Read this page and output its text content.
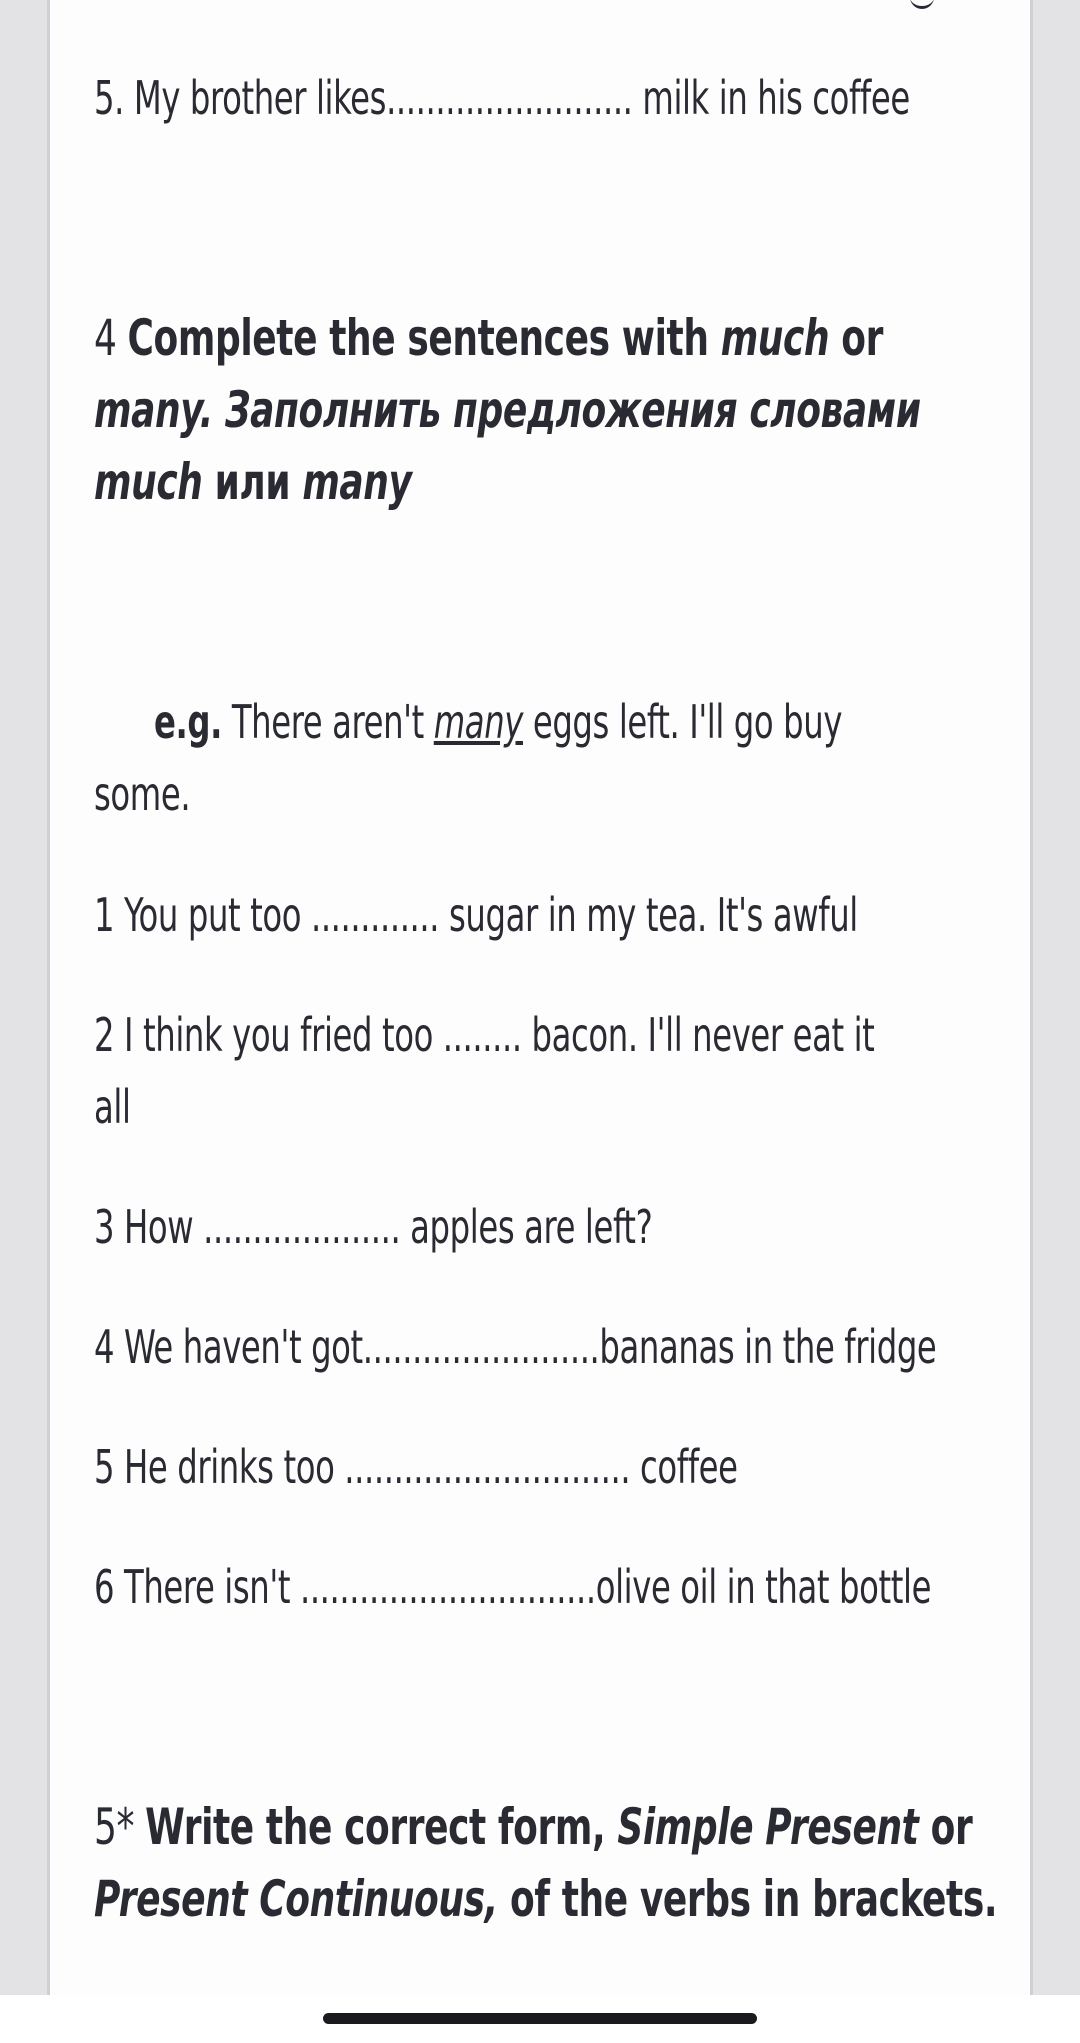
5. My brother likes......................... milk in his coffee
4 Complete the sentences with much or
many. Заполнить предложения словами
much или many
e.g. There aren't many eggs left. I'll go buy
some.
1 You put too ............. sugar in my tea. It's awful
2 I think you fried too ........ bacon. I'll never eat it
all
3 How .................... apples are left?
4 We haven't got........................bananas in the fridge
5 He drinks too ............................. coffee
6 There isn't ..............................olive oil in that bottle
5* Write the correct form, Simple Present or
Present Continuous, of the verbs in brackets.
